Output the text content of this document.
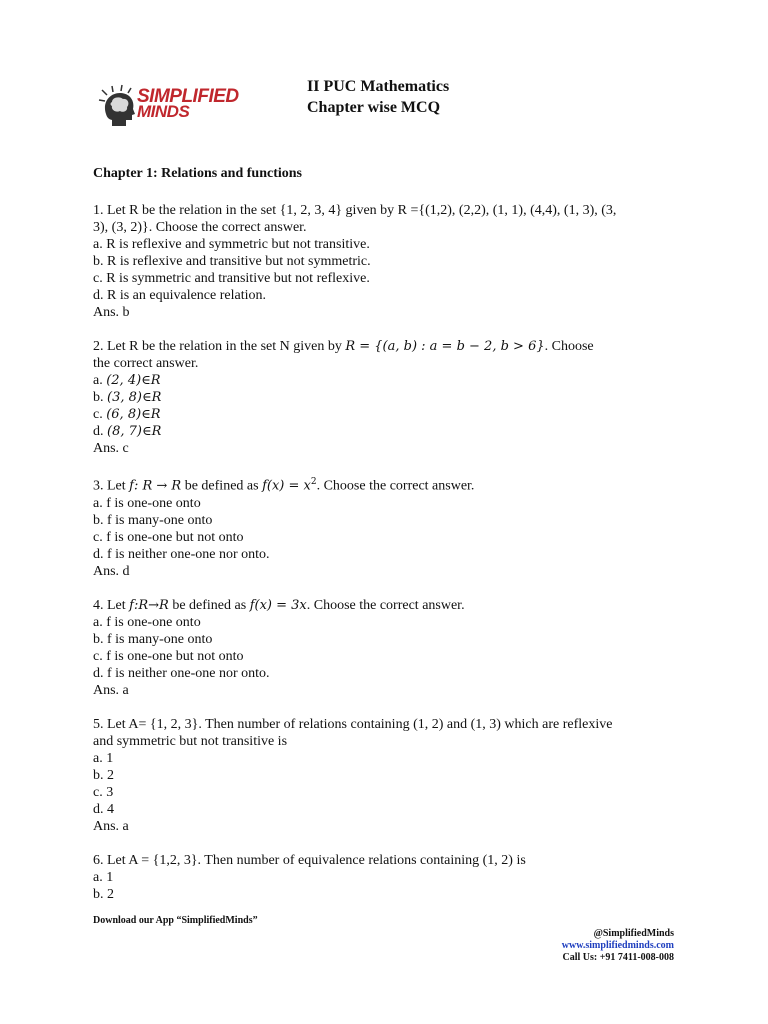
SIMPLIFIED
MINDS
II PUC Mathematics
Chapter wise MCQ
Chapter 1: Relations and functions
1. Let R be the relation in the set {1, 2, 3, 4} given by R ={(1,2), (2,2), (1, 1), (4,4), (1, 3), (3,
3), (3, 2)}. Choose the correct answer.
a. R is reflexive and symmetric but not transitive.
b. R is reflexive and transitive but not symmetric.
c. R is symmetric and transitive but not reflexive.
d. R is an equivalence relation.
Ans. b
2. Let R be the relation in the set N given by R = {(a, b) : a = b − 2, b > 6}. Choose
the correct answer.
a. (2, 4)∈R
b. (3, 8)∈R
c. (6, 8)∈R
d. (8, 7)∈R
Ans. c
3. Let f: R → R be defined as $f(x) = x^2$. Choose the correct answer.
a. f is one-one onto
b. f is many-one onto
c. f is one-one but not onto
d. f is neither one-one nor onto.
Ans. d
4. Let f:R→R be defined as f(x) = 3x. Choose the correct answer.
a. f is one-one onto
b. f is many-one onto
c. f is one-one but not onto
d. f is neither one-one nor onto.
Ans. a
5. Let A= {1, 2, 3}. Then number of relations containing (1, 2) and (1, 3) which are reflexive
and symmetric but not transitive is
a. 1
b. 2
c. 3
d. 4
Ans. a
6. Let A = {1,2, 3}. Then number of equivalence relations containing (1, 2) is
a. 1
b. 2
Download our App “SimplifiedMinds”
@SimplifiedMinds
www.simplifiedminds.com
Call Us: +91 7411-008-008
